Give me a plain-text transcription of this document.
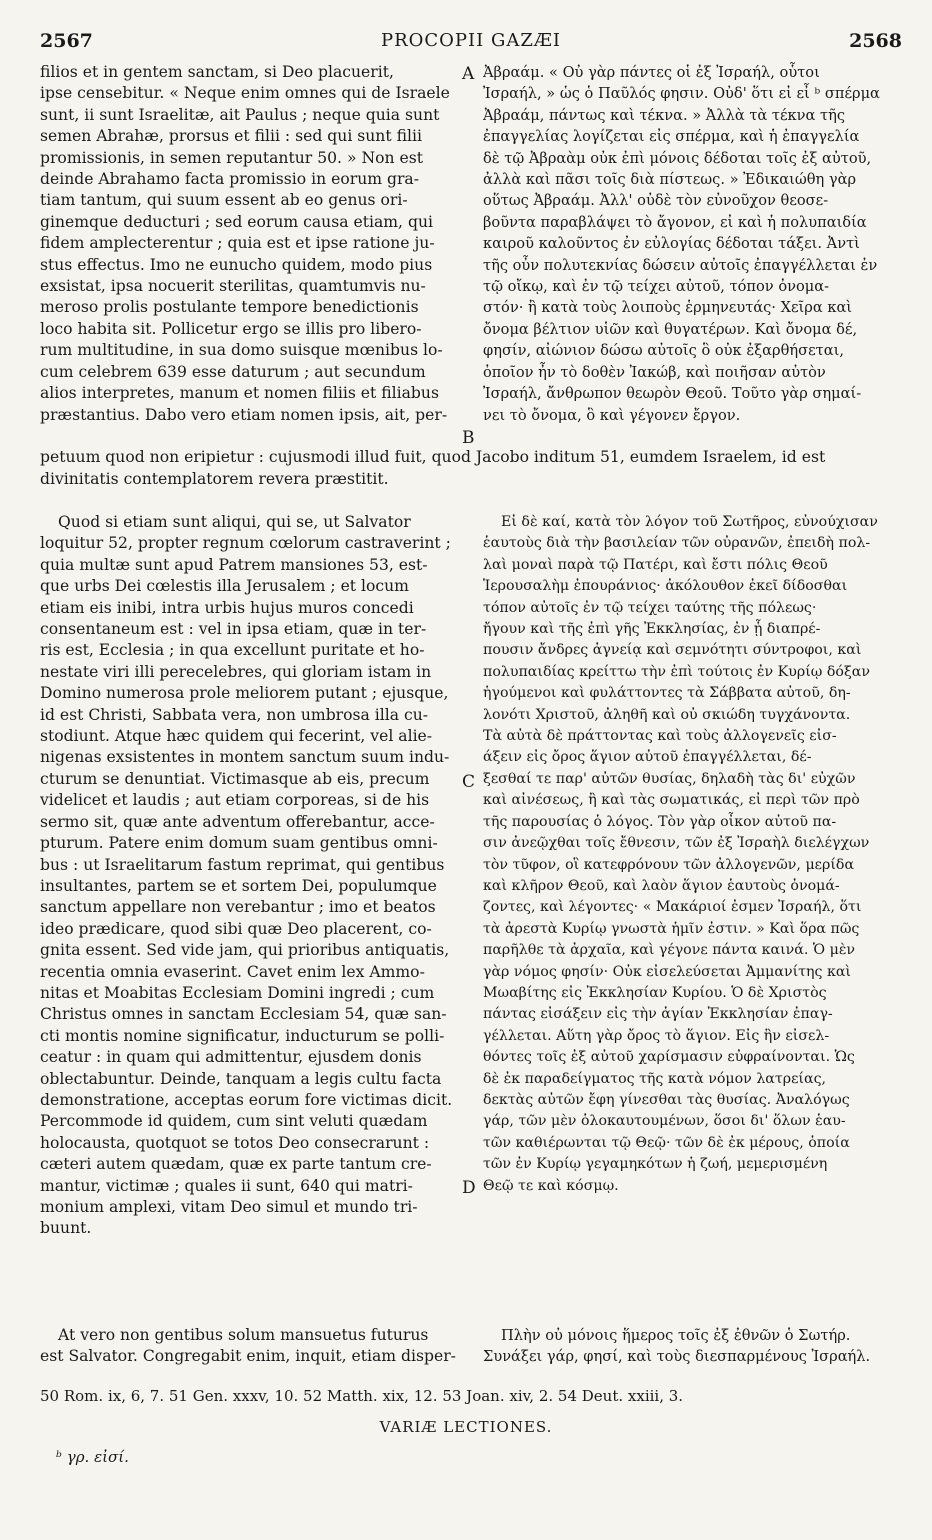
2567	PROCOPII GAZÆI	2568
filios et in gentem sanctam, si Deo placuerit,
ipse censebitur. « Neque enim omnes qui de Israele
sunt, ii sunt Israelitæ, ait Paulus ; neque quia sunt
semen Abrahæ, prorsus et filii : sed qui sunt filii
promissionis, in semen reputantur 50. » Non est
deinde Abrahamo facta promissio in eorum gra-
tiam tantum, qui suum essent ab eo genus ori-
ginemque deducturi ; sed eorum causa etiam, qui
fidem amplecterentur ; quia est et ipse ratione ju-
stus effectus. Imo ne eunucho quidem, modo pius
exsistat, ipsa nocuerit sterilitas, quamtumvis nu-
meroso prolis postulante tempore benedictionis
loco habita sit. Pollicetur ergo se illis pro libero-
rum multitudine, in sua domo suisque mœnibus lo-
cum celebrem 639 esse daturum ; aut secundum
alios interpretes, manum et nomen filiis et filiabus
præstantius. Dabo vero etiam nomen ipsis, ait, per-
Ἀβραάμ. « Οὐ γὰρ πάντες οἱ ἐξ Ἰσραήλ, οὗτοι
Ἰσραήλ, » ὡς ὁ Παῦλός φησιν. Οὐδ' ὅτι εἰ εἶ ᵇ σπέρμα
Ἀβραάμ, πάντως καὶ τέκνα. » Ἀλλὰ τὰ τέκνα τῆς
ἐπαγγελίας λογίζεται εἰς σπέρμα, καὶ ἡ ἐπαγγελία
δὲ τῷ Ἀβραὰμ οὐκ ἐπὶ μόνοις δέδοται τοῖς ἐξ αὐτοῦ,
ἀλλὰ καὶ πᾶσι τοῖς διὰ πίστεως. » Ἐδικαιώθη γὰρ
οὕτως Ἀβραάμ. Ἀλλ' οὐδὲ τὸν εὐνοῦχον θεοσε-
βοῦντα παραβλάψει τὸ ἄγονον, εἰ καὶ ἡ πολυπαιδία
καιροῦ καλοῦντος ἐν εὐλογίας δέδοται τάξει. Ἀντὶ
τῆς οὖν πολυτεκνίας δώσειν αὐτοῖς ἐπαγγέλλεται ἐν
τῷ οἴκῳ, καὶ ἐν τῷ τείχει αὐτοῦ, τόπον ὀνομα-
στόν· ἢ κατὰ τοὺς λοιποὺς ἑρμηνευτάς· Χεῖρα καὶ
ὄνομα βέλτιον υἱῶν καὶ θυγατέρων. Καὶ ὄνομα δέ,
φησίν, αἰώνιον δώσω αὐτοῖς ὃ οὐκ ἐξαρθήσεται,
ὁποῖον ἦν τὸ δοθὲν Ἰακώβ, καὶ ποιῆσαν αὐτὸν
Ἰσραήλ, ἄνθρωπον θεωρὸν Θεοῦ. Τοῦτο γὰρ σημαί-
νει τὸ ὄνομα, ὃ καὶ γέγονεν ἔργον.
A
B
C
D
petuum quod non eripietur : cujusmodi illud fuit, quod Jacobo inditum 51, eumdem Israelem, id est
divinitatis contemplatorem revera præstitit.
Quod si etiam sunt aliqui, qui se, ut Salvator
loquitur 52, propter regnum cœlorum castraverint ;
quia multæ sunt apud Patrem mansiones 53, est-
que urbs Dei cœlestis illa Jerusalem ; et locum
etiam eis inibi, intra urbis hujus muros concedi
consentaneum est : vel in ipsa etiam, quæ in ter-
ris est, Ecclesia ; in qua excellunt puritate et ho-
nestate viri illi perecelebres, qui gloriam istam in
Domino numerosa prole meliorem putant ; ejusque,
id est Christi, Sabbata vera, non umbrosa illa cu-
stodiunt. Atque hæc quidem qui fecerint, vel alie-
nigenas exsistentes in montem sanctum suum indu-
cturum se denuntiat. Victimasque ab eis, precum
videlicet et laudis ; aut etiam corporeas, si de his
sermo sit, quæ ante adventum offerebantur, acce-
pturum. Patere enim domum suam gentibus omni-
bus : ut Israelitarum fastum reprimat, qui gentibus
insultantes, partem se et sortem Dei, populumque
sanctum appellare non verebantur ; imo et beatos
ideo prædicare, quod sibi quæ Deo placerent, co-
gnita essent. Sed vide jam, qui prioribus antiquatis,
recentia omnia evaserint. Cavet enim lex Ammo-
nitas et Moabitas Ecclesiam Domini ingredi ; cum
Christus omnes in sanctam Ecclesiam 54, quæ san-
cti montis nomine significatur, inducturum se polli-
ceatur : in quam qui admittentur, ejusdem donis
oblectabuntur. Deinde, tanquam a legis cultu facta
demonstratione, acceptas eorum fore victimas dicit.
Percommode id quidem, cum sint veluti quædam
holocausta, quotquot se totos Deo consecrarunt :
cæteri autem quædam, quæ ex parte tantum cre-
mantur, victimæ ; quales ii sunt, 640 qui matri-
monium amplexi, vitam Deo simul et mundo tri-
buunt.
Εἰ δὲ καί, κατὰ τὸν λόγον τοῦ Σωτῆρος, εὐνούχισαν
ἑαυτοὺς διὰ τὴν βασιλείαν τῶν οὐρανῶν, ἐπειδὴ πολ-
λαὶ μοναὶ παρὰ τῷ Πατέρι, καὶ ἔστι πόλις Θεοῦ
Ἱερουσαλὴμ ἐπουράνιος· ἀκόλουθον ἐκεῖ δίδοσθαι
τόπον αὐτοῖς ἐν τῷ τείχει ταύτης τῆς πόλεως·
ἤγουν καὶ τῆς ἐπὶ γῆς Ἐκκλησίας, ἐν ᾗ διαπρέ-
πουσιν ἄνδρες ἁγνείᾳ καὶ σεμνότητι σύντροφοι, καὶ
πολυπαιδίας κρείττω τὴν ἐπὶ τούτοις ἐν Κυρίῳ δόξαν
ἡγούμενοι καὶ φυλάττοντες τὰ Σάββατα αὐτοῦ, δη-
λονότι Χριστοῦ, ἀληθῆ καὶ οὐ σκιώδη τυγχάνοντα.
Τὰ αὐτὰ δὲ πράττοντας καὶ τοὺς ἀλλογενεῖς εἰσ-
άξειν εἰς ὄρος ἅγιον αὐτοῦ ἐπαγγέλλεται, δέ-
ξεσθαί τε παρ' αὐτῶν θυσίας, δηλαδὴ τὰς δι' εὐχῶν
καὶ αἰνέσεως, ἢ καὶ τὰς σωματικάς, εἰ περὶ τῶν πρὸ
τῆς παρουσίας ὁ λόγος. Τὸν γὰρ οἶκον αὐτοῦ πα-
σιν ἀνεῷχθαι τοῖς ἔθνεσιν, τῶν ἐξ Ἰσραὴλ διελέγχων
τὸν τῦφον, οἳ κατεφρόνουν τῶν ἀλλογενῶν, μερίδα
καὶ κλῆρον Θεοῦ, καὶ λαὸν ἅγιον ἑαυτοὺς ὀνομά-
ζοντες, καὶ λέγοντες· « Μακάριοί ἐσμεν Ἰσραήλ, ὅτι
τὰ ἀρεστὰ Κυρίῳ γνωστὰ ἡμῖν ἐστιν. » Καὶ ὅρα πῶς
παρῆλθε τὰ ἀρχαῖα, καὶ γέγονε πάντα καινά. Ὁ μὲν
γὰρ νόμος φησίν· Οὐκ εἰσελεύσεται Ἀμμανίτης καὶ
Μωαβίτης εἰς Ἐκκλησίαν Κυρίου. Ὁ δὲ Χριστὸς
πάντας εἰσάξειν εἰς τὴν ἁγίαν Ἐκκλησίαν ἐπαγ-
γέλλεται. Αὕτη γὰρ ὄρος τὸ ἅγιον. Εἰς ἣν εἰσελ-
θόντες τοῖς ἐξ αὐτοῦ χαρίσμασιν εὐφραίνονται. Ὡς
δὲ ἐκ παραδείγματος τῆς κατὰ νόμον λατρείας,
δεκτὰς αὐτῶν ἔφη γίνεσθαι τὰς θυσίας. Ἀναλόγως
γάρ, τῶν μὲν ὁλοκαυτουμένων, ὅσοι δι' ὅλων ἑαυ-
τῶν καθιέρωνται τῷ Θεῷ· τῶν δὲ ἐκ μέρους, ὁποία
τῶν ἐν Κυρίῳ γεγαμηκότων ἡ ζωή, μεμερισμένη
Θεῷ τε καὶ κόσμῳ.
At vero non gentibus solum mansuetus futurus
est Salvator. Congregabit enim, inquit, etiam disper-
Πλὴν οὐ μόνοις ἥμερος τοῖς ἐξ ἐθνῶν ὁ Σωτήρ.
Συνάξει γάρ, φησί, καὶ τοὺς διεσπαρμένους Ἰσραήλ.
50 Rom. ix, 6, 7. 51 Gen. xxxv, 10. 52 Matth. xix, 12. 53 Joan. xiv, 2. 54 Deut. xxiii, 3.
VARIÆ LECTIONES.
ᵇ γρ. εἰσί.
